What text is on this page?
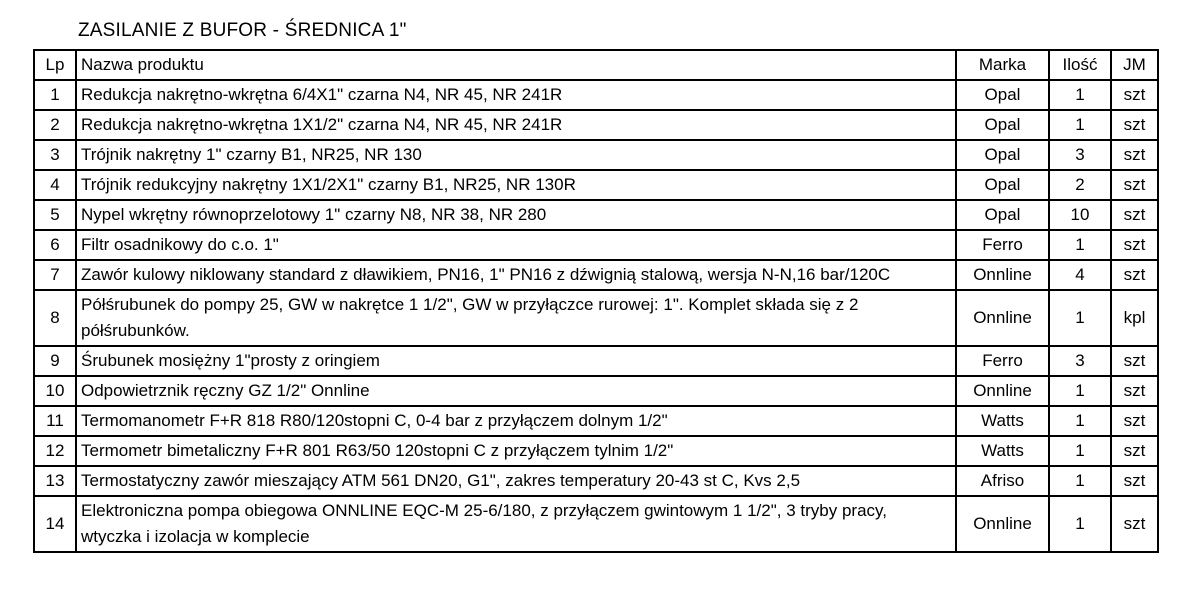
ZASILANIE Z BUFOR - ŚREDNICA 1"
Lp	Nazwa produktu	Marka	Ilość	JM
1	Redukcja nakrętno-wkrętna 6/4X1" czarna N4, NR 45, NR 241R	Opal	1	szt
2	Redukcja nakrętno-wkrętna 1X1/2" czarna N4, NR 45, NR 241R	Opal	1	szt
3	Trójnik nakrętny 1" czarny B1, NR25, NR 130	Opal	3	szt
4	Trójnik redukcyjny nakrętny 1X1/2X1" czarny B1, NR25, NR 130R	Opal	2	szt
5	Nypel wkrętny równoprzelotowy 1" czarny N8, NR 38, NR 280	Opal	10	szt
6	Filtr osadnikowy do c.o. 1"	Ferro	1	szt
7	Zawór kulowy niklowany standard z dławikiem, PN16, 1" PN16 z dźwignią stalową, wersja N-N,16 bar/120C	Onnline	4	szt
8	Półśrubunek do pompy 25, GW w nakrętce 1 1/2", GW w przyłączce rurowej: 1". Komplet składa się z 2 półśrubunków.	Onnline	1	kpl
9	Śrubunek mosiężny 1"prosty z oringiem	Ferro	3	szt
10	Odpowietrznik ręczny GZ 1/2" Onnline	Onnline	1	szt
11	Termomanometr F+R 818 R80/120stopni C, 0-4 bar z przyłączem dolnym 1/2"	Watts	1	szt
12	Termometr bimetaliczny F+R 801 R63/50 120stopni C z przyłączem tylnim 1/2"	Watts	1	szt
13	Termostatyczny zawór mieszający ATM 561 DN20, G1", zakres temperatury 20-43 st C, Kvs 2,5	Afriso	1	szt
14	Elektroniczna pompa obiegowa ONNLINE EQC-M 25-6/180, z przyłączem gwintowym 1 1/2", 3 tryby pracy, wtyczka i izolacja w komplecie	Onnline	1	szt
